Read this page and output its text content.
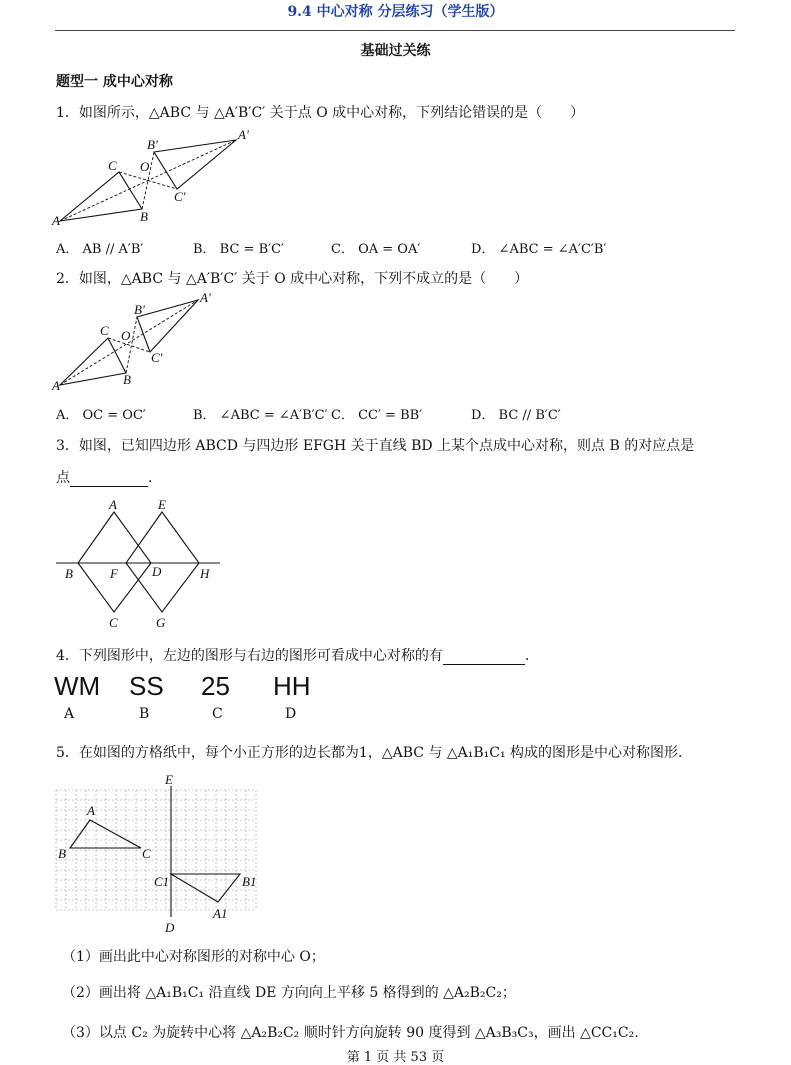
9.4 中心对称 分层练习（学生版）
基础过关练
题型一 成中心对称
1．如图所示，△ABC 与 △A′B′C′ 关于点 O 成中心对称，下列结论错误的是（　　）
A	B
C O
A'
B'
C'
A． AB // A′B′	B． BC = B′C′	C． OA = OA′	D． ∠ABC = ∠A′C′B′
2．如图，△ABC 与 △A′B′C′ 关于 O 成中心对称，下列不成立的是（　　）
A	B
C O
A'
B'
C'
A． OC = OC′	B． ∠ABC = ∠A′B′C′ C． CC′ = BB′	D． BC // B′C′
3．如图，已知四边形 ABCD 与四边形 EFGH 关于直线 BD 上某个点成中心对称，则点 B 的对应点是
点	.
A	E
B	F	D	H
C	G
4．下列图形中，左边的图形与右边的图形可看成中心对称的有	.
WM SS 25 HH
A	B	C	D
5．在如图的方格纸中，每个小正方形的边长都为1，△ABC 与 △A₁B₁C₁ 构成的图形是中心对称图形.
E
A
B	C
C1	B1
A1
D
（1）画出此中心对称图形的对称中心 O；
（2）画出将 △A₁B₁C₁ 沿直线 DE 方向向上平移 5 格得到的 △A₂B₂C₂；
（3）以点 C₂ 为旋转中心将 △A₂B₂C₂ 顺时针方向旋转 90 度得到 △A₃B₃C₃，画出 △CC₁C₂.
第 1 页 共 53 页
